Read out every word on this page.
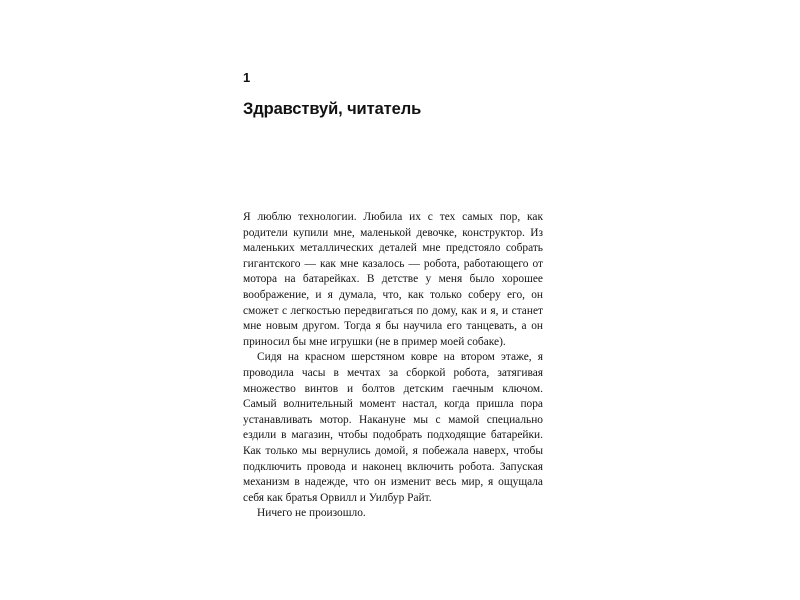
1
Здравствуй, читатель

Я люблю технологии. Любила их с тех самых пор, как родители купили мне, маленькой девочке, конструктор. Из маленьких металлических деталей мне предстояло собрать гигантского — как мне казалось — робота, работающего от мотора на батарейках. В детстве у меня было хорошее воображение, и я думала, что, как только соберу его, он сможет с легкостью передвигаться по дому, как и я, и станет мне новым другом. Тогда я бы научила его танцевать, а он приносил бы мне игрушки (не в пример моей собаке).

Сидя на красном шерстяном ковре на втором этаже, я проводила часы в мечтах за сборкой робота, затягивая множество винтов и болтов детским гаечным ключом. Самый волнительный момент настал, когда пришла пора устанавливать мотор. Накануне мы с мамой специально ездили в магазин, чтобы подобрать подходящие батарейки. Как только мы вернулись домой, я побежала наверх, чтобы подключить провода и наконец включить робота. Запуская механизм в надежде, что он изменит весь мир, я ощущала себя как братья Орвилл и Уилбур Райт.

Ничего не произошло.
